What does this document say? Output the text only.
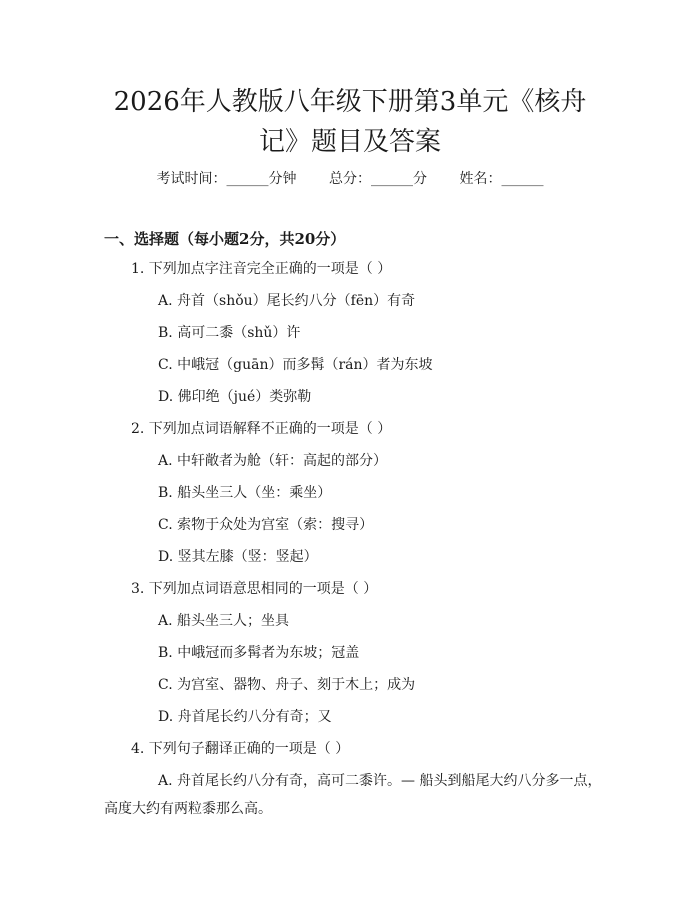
2026年人教版八年级下册第3单元《核舟
记》题目及答案
考试时间：______分钟 总分：______分 姓名：______
一、选择题（每小题2分，共20分）
1. 下列加点字注音完全正确的一项是（ ）
A. 舟首（shǒu）尾长约八分（fēn）有奇
B. 高可二黍（shǔ）许
C. 中峨冠（guān）而多髯（rán）者为东坡
D. 佛印绝（jué）类弥勒
2. 下列加点词语解释不正确的一项是（ ）
A. 中轩敞者为舱（轩：高起的部分）
B. 船头坐三人（坐：乘坐）
C. 索物于众处为宫室（索：搜寻）
D. 竖其左膝（竖：竖起）
3. 下列加点词语意思相同的一项是（ ）
A. 船头坐三人；坐具
B. 中峨冠而多髯者为东坡；冠盖
C. 为宫室、器物、舟子、刻于木上；成为
D. 舟首尾长约八分有奇；又
4. 下列句子翻译正确的一项是（ ）
A. 舟首尾长约八分有奇，高可二黍许。— 船头到船尾大约八分多一点，高度大约有两粒黍那么高。
